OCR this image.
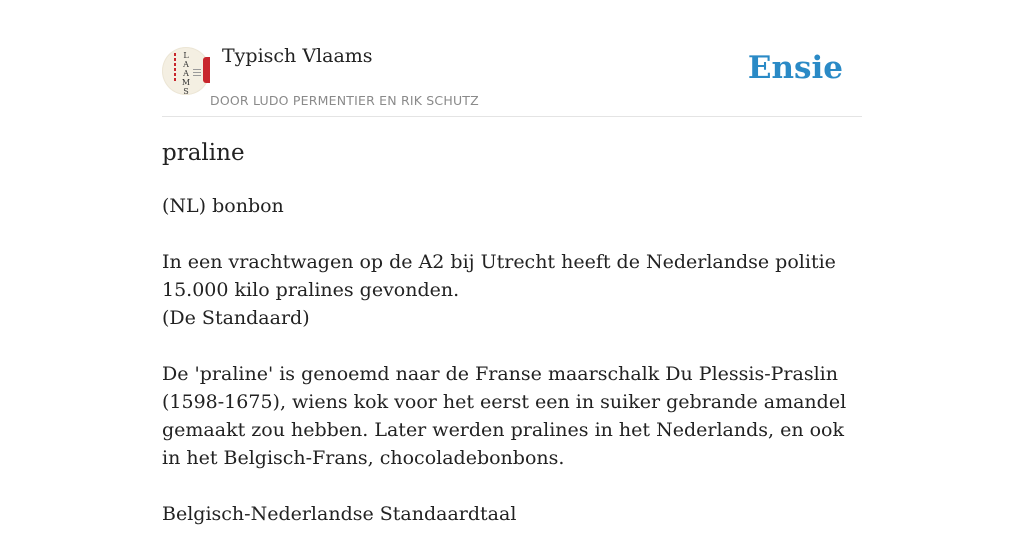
L
A
A
M
S
Typisch Vlaams
DOOR LUDO PERMENTIER EN RIK SCHUTZ
Ensie
praline

(NL) bonbon

In een vrachtwagen op de A2 bij Utrecht heeft de Nederlandse politie 15.000 kilo pralines gevonden.
(De Standaard)

De 'praline' is genoemd naar de Franse maarschalk Du Plessis-Praslin (1598-1675), wiens kok voor het eerst een in suiker gebrande amandel gemaakt zou hebben. Later werden pralines in het Nederlands, en ook in het Belgisch-Frans, chocoladebonbons.

Belgisch-Nederlandse Standaardtaal
